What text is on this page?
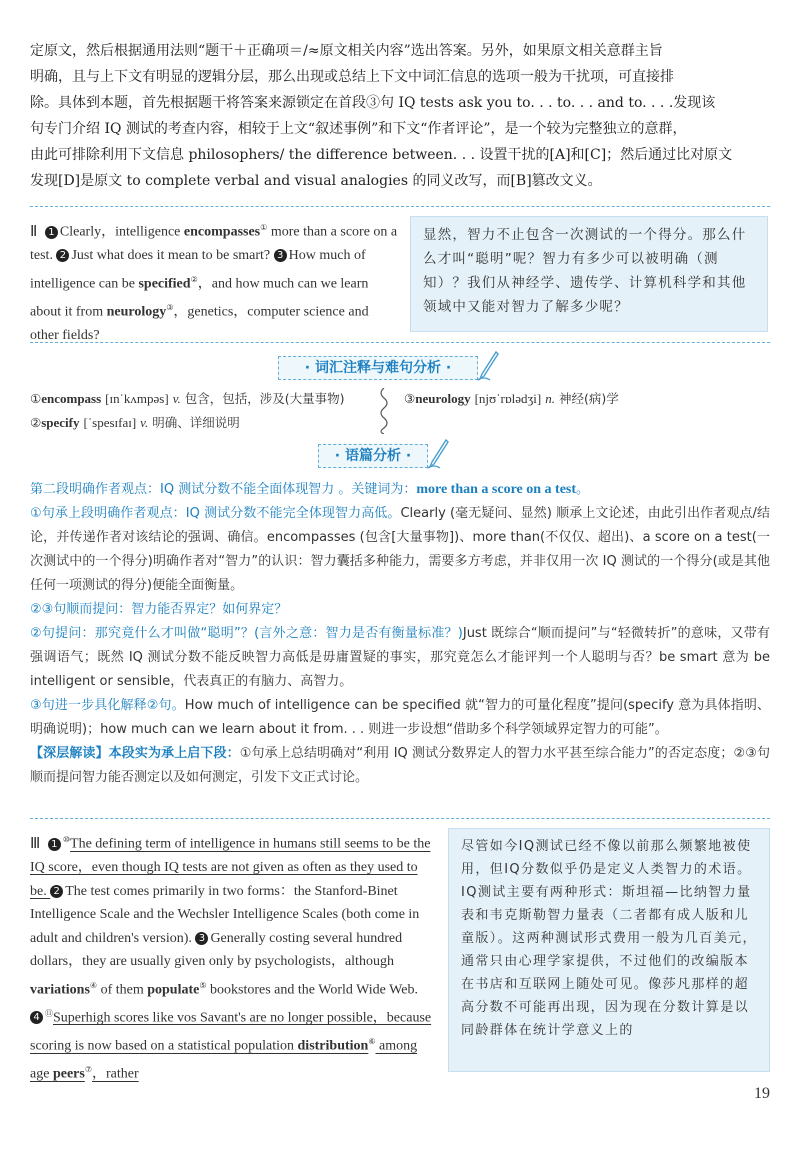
定原文，然后根据通用法则“题干＋正确项＝/≈原文相关内容”选出答案。另外，如果原文相关意群主旨

明确，且与上下文有明显的逻辑分层，那么出现或总结上下文中词汇信息的选项一般为干扰项，可直接排

除。具体到本题，首先根据题干将答案来源锁定在首段③句 IQ tests ask you to. . . to. . . and to. . . .发现该

句专门介绍 IQ 测试的考查内容，相较于上文“叙述事例”和下文“作者评论”，是一个较为完整独立的意群，

由此可排除利用下文信息 philosophers/ the difference between. . . 设置干扰的[A]和[C]；然后通过比对原文

发现[D]是原文 to complete verbal and visual analogies 的同义改写，而[B]篡改文义。

Ⅱ 1 Clearly，intelligence encompasses① more than a score on a test. 2 Just what does it mean to be smart? 3 How much of intelligence can be specified②，and how much can we learn about it from neurology③，genetics，computer science and other fields?
显然，智力不止包含一次测试的一个得分。那么什么才叫“聪明”呢？智力有多少可以被明确（测知）？我们从神经学、遗传学、计算机科学和其他领域中又能对智力了解多少呢？
· 词汇注释与难句分析 ·
①encompass [ɪnˈkʌmpəs] v. 包含，包括，涉及(大量事物)
②specify [ˈspesɪfaɪ] v. 明确、详细说明
③neurology [njʊˈrɒlədʒi] n. 神经(病)学
· 语篇分析 ·

第二段明确作者观点：IQ 测试分数不能全面体现智力 。关键词为：more than a score on a test。

①句承上段明确作者观点：IQ 测试分数不能完全体现智力高低。Clearly (毫无疑问、显然) 顺承上文论述，由此引出作者观点/结论，并传递作者对该结论的强调、确信。encompasses (包含[大量事物])、more than(不仅仅、超出)、a score on a test(一次测试中的一个得分)明确作者对“智力”的认识：智力囊括多种能力，需要多方考虑，并非仅用一次 IQ 测试的一个得分(或是其他任何一项测试的得分)便能全面衡量。

②③句顺而提问：智力能否界定？如何界定？

②句提问：那究竟什么才叫做“聪明”？(言外之意：智力是否有衡量标准？)Just 既综合“顺而提问”与“轻微转折”的意味，又带有强调语气；既然 IQ 测试分数不能反映智力高低是毋庸置疑的事实，那究竟怎么才能评判一个人聪明与否？be smart 意为 be intelligent or sensible，代表真正的有脑力、高智力。

③句进一步具化解释②句。How much of intelligence can be specified 就“智力的可量化程度”提问(specify 意为具体指明、明确说明)；how much can we learn about it from. . . 则进一步设想“借助多个科学领域界定智力的可能”。

【深层解读】本段实为承上启下段：①句承上总结明确对“利用 IQ 测试分数界定人的智力水平甚至综合能力”的否定态度；②③句顺而提问智力能否测定以及如何测定，引发下文正式讨论。

Ⅲ 1 ⑩The defining term of intelligence in humans still seems to be the IQ score，even though IQ tests are not given as often as they used to be. 2 The test comes primarily in two forms：the Stanford-Binet Intelligence Scale and the Wechsler Intelligence Scales (both come in adult and children's version). 3 Generally costing several hundred dollars，they are usually given only by psychologists，although variations④ of them populate⑤ bookstores and the World Wide Web. 4 ⑪Superhigh scores like vos Savant's are no longer possible，because scoring is now based on a statistical population distribution⑥ among age peers⑦，rather
尽管如今IQ测试已经不像以前那么频繁地被使用，但IQ分数似乎仍是定义人类智力的术语。IQ测试主要有两种形式：斯坦福—比纳智力量表和韦克斯勒智力量表（二者都有成人版和儿童版）。这两种测试形式费用一般为几百美元，通常只由心理学家提供，不过他们的改编版本在书店和互联网上随处可见。像莎凡那样的超高分数不可能再出现，因为现在分数计算是以同龄群体在统计学意义上的
19
